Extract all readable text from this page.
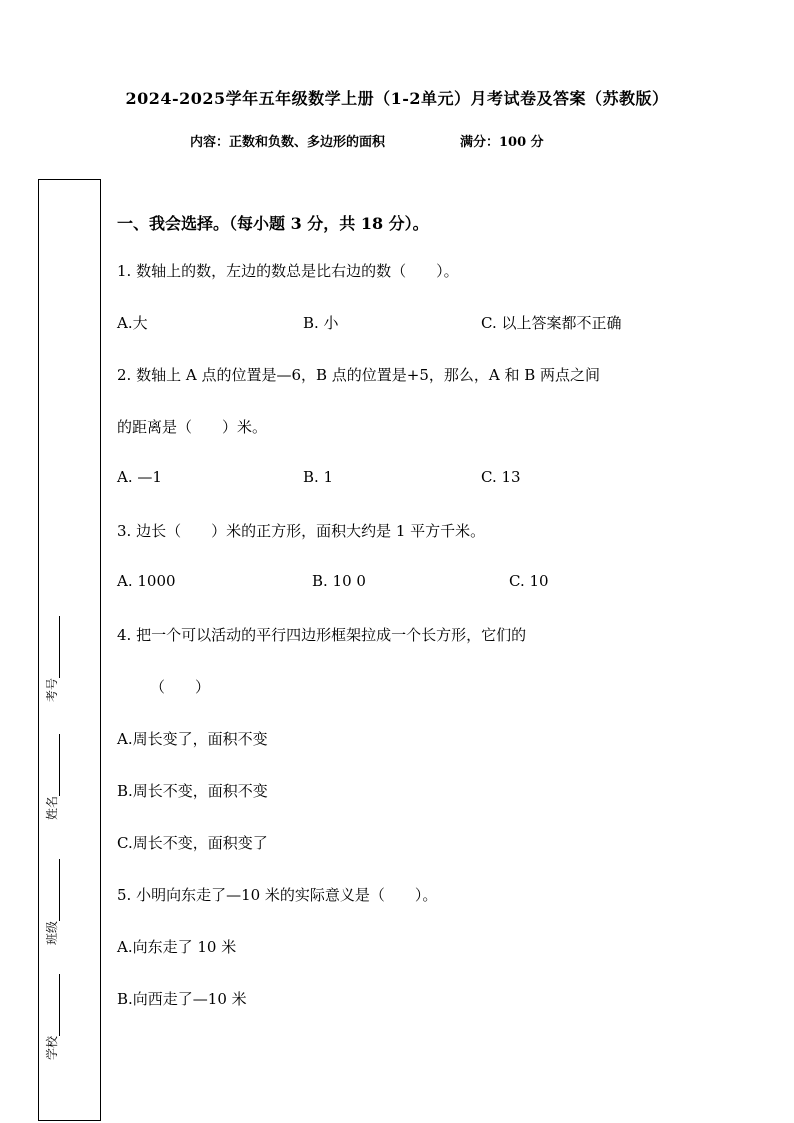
2024-2025学年五年级数学上册（1-2单元）月考试卷及答案（苏教版）
内容：正数和负数、多边形的面积	满分：100 分
考号
姓名
班级
学校
一、我会选择。（每小题 3 分，共 18 分）。
1. 数轴上的数，左边的数总是比右边的数（　　）。
A.大	B. 小	C. 以上答案都不正确
2. 数轴上 A 点的位置是—6，B 点的位置是+5，那么，A 和 B 两点之间
的距离是（　　）米。
A. —1	B. 1	C. 13
3. 边长（　　）米的正方形，面积大约是 1 平方千米。
A. 1000	B. 10 0	C. 10
4. 把一个可以活动的平行四边形框架拉成一个长方形，它们的
（　　）
A.周长变了，面积不变
B.周长不变，面积不变
C.周长不变，面积变了
5. 小明向东走了—10 米的实际意义是（　　）。
A.向东走了 10 米
B.向西走了—10 米
